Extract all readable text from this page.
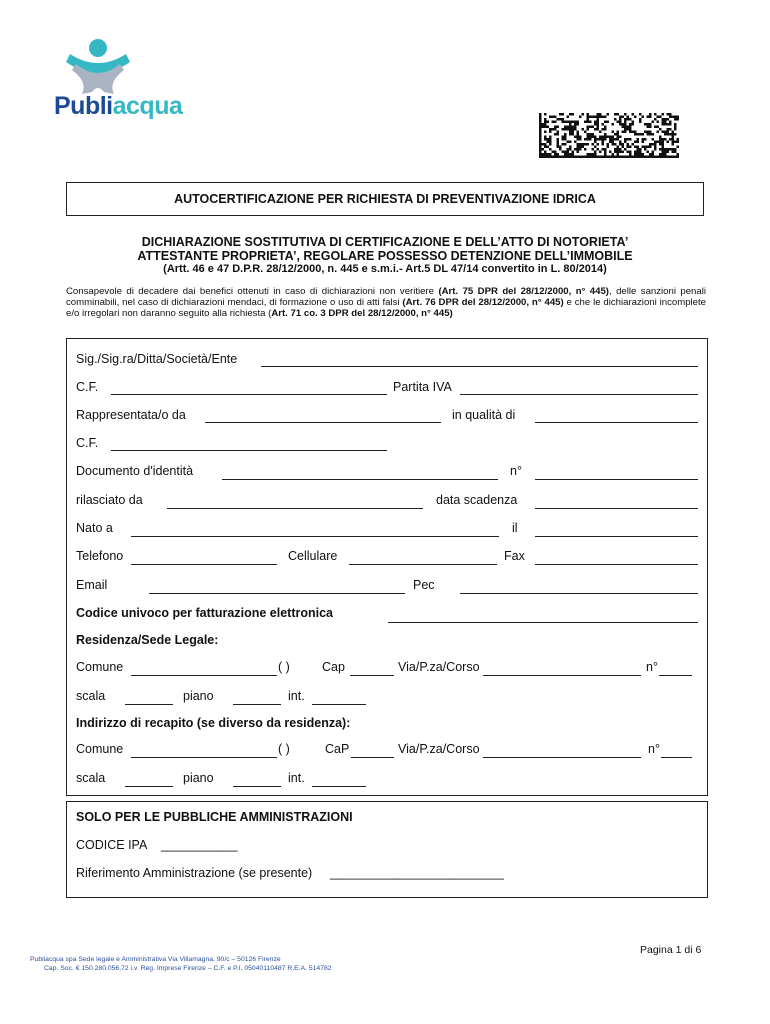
Publiacqua
AUTOCERTIFICAZIONE PER RICHIESTA DI PREVENTIVAZIONE IDRICA
DICHIARAZIONE SOSTITUTIVA DI CERTIFICAZIONE E DELL’ATTO DI NOTORIETA’
ATTESTANTE PROPRIETA’, REGOLARE POSSESSO DETENZIONE DELL’IMMOBILE
(Artt. 46 e 47 D.P.R. 28/12/2000, n. 445 e s.m.i.- Art.5 DL 47/14 convertito in L. 80/2014)
Consapevole di decadere dai benefici ottenuti in caso di dichiarazioni non veritiere (Art. 75 DPR del 28/12/2000, n° 445), delle sanzioni penali comminabili, nel caso di dichiarazioni mendaci, di formazione o uso di atti falsi (Art. 76 DPR del 28/12/2000, n° 445) e che le dichiarazioni incomplete e/o irregolari non daranno seguito alla richiesta (Art. 71 co. 3 DPR del 28/12/2000, n° 445)
Sig./Sig.ra/Ditta/Società/Ente
C.F.	Partita IVA
Rappresentata/o da	in qualità di
C.F.
Documento d'identità	n°
rilasciato da	data scadenza
Nato a	il
Telefono	Cellulare	Fax
Email	Pec
Codice univoco per fatturazione elettronica
Residenza/Sede Legale:
Comune	( )	Cap	Via/P.za/Corso	n°
scala	piano	int.
Indirizzo di recapito (se diverso da residenza):
Comune	( )	CaP	Via/P.za/Corso	n°
scala	piano	int.
SOLO PER LE PUBBLICHE AMMINISTRAZIONI
CODICE IPA ___________
Riferimento Amministrazione (se presente) _________________________
Pagina 1 di 6
Publiacqua spa Sede legale e Amministrativa Via Villamagna, 90/c – 50126 Firenze
Cap. Soc. € 150.280.056,72 i.v. Reg. Imprese Firenze – C.F. e P.I. 05040110487 R.E.A. 514782
